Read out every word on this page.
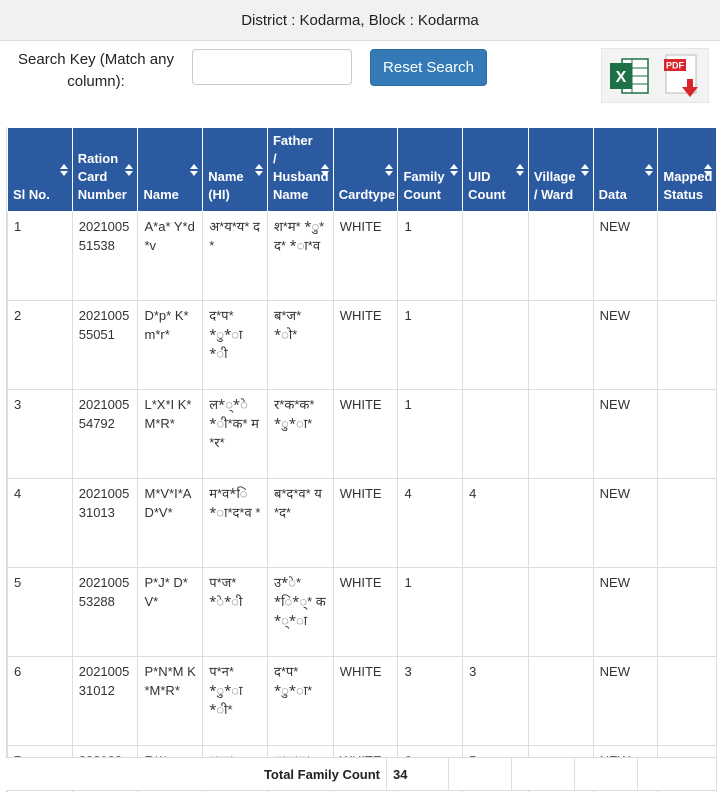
District : Kodarma, Block : Kodarma
Search Key (Match any column):
Reset Search
X
PDF
Sl No.	Ration Card Number	Name	Name (HI)	Father / Husband Name	Cardtype	Family Count	UID Count	Village / Ward	Data	Mapped Status

1	202100551538	A*a* Y*d*v	अ*य*य* द*	श*म* *ु*द* *ा*व	WHITE	1			NEW	
2	202100555051	D*p* K*m*r*	द*प* *ु*ा *ी	ब*ज* *ो*	WHITE	1			NEW	
3	202100554792	L*X*I K*M*R*	ल*्*े *ी*क* म*र*	र*क*क* *ु*ा*	WHITE	1			NEW	
4	202100531013	M*V*I*A D*V*	म*व*ि *ा*द*व *	ब*द*व* य*द*	WHITE	4	4		NEW	
5	202100553288	P*J* D*V*	प*ज* *े*ी	उ*े* *ि*्* क*्*ा	WHITE	1			NEW	
6	202100531012	P*N*M K*M*R*	प*न* *ु*ा *ी*	द*प* *ु*ा*	WHITE	3	3		NEW	

Total Family Count	34
